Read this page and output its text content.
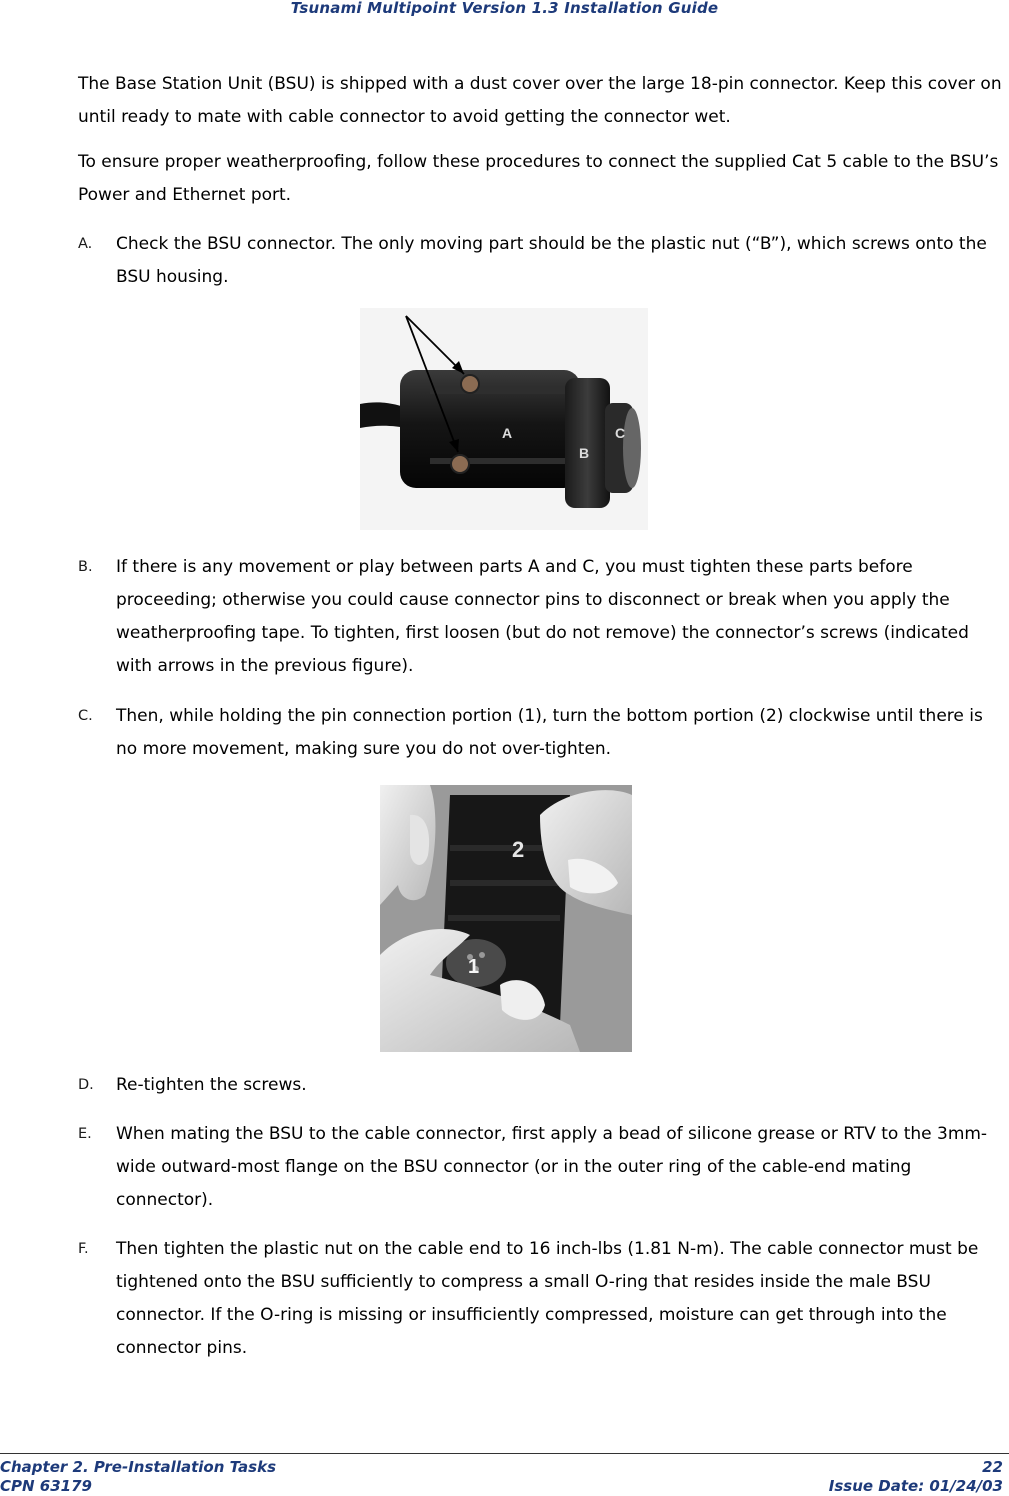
Tsunami Multipoint Version 1.3 Installation Guide
The Base Station Unit (BSU) is shipped with a dust cover over the large 18-pin connector. Keep this cover on until ready to mate with cable connector to avoid getting the connector wet.
To ensure proper weatherproofing, follow these procedures to connect the supplied Cat 5 cable to the BSU’s Power and Ethernet port.
A. Check the BSU connector. The only moving part should be the plastic nut (“B”), which screws onto the BSU housing.
A
B
C
B. If there is any movement or play between parts A and C, you must tighten these parts before proceeding; otherwise you could cause connector pins to disconnect or break when you apply the weatherproofing tape. To tighten, first loosen (but do not remove) the connector’s screws (indicated with arrows in the previous figure).
C. Then, while holding the pin connection portion (1), turn the bottom portion (2) clockwise until there is no more movement, making sure you do not over-tighten.
2
1
D. Re-tighten the screws.
E. When mating the BSU to the cable connector, first apply a bead of silicone grease or RTV to the 3mm-wide outward-most flange on the BSU connector (or in the outer ring of the cable-end mating connector).
F. Then tighten the plastic nut on the cable end to 16 inch-lbs (1.81 N-m). The cable connector must be tightened onto the BSU sufficiently to compress a small O-ring that resides inside the male BSU connector. If the O-ring is missing or insufficiently compressed, moisture can get through into the connector pins.
Chapter 2. Pre-Installation Tasks	22
CPN 63179	Issue Date: 01/24/03
